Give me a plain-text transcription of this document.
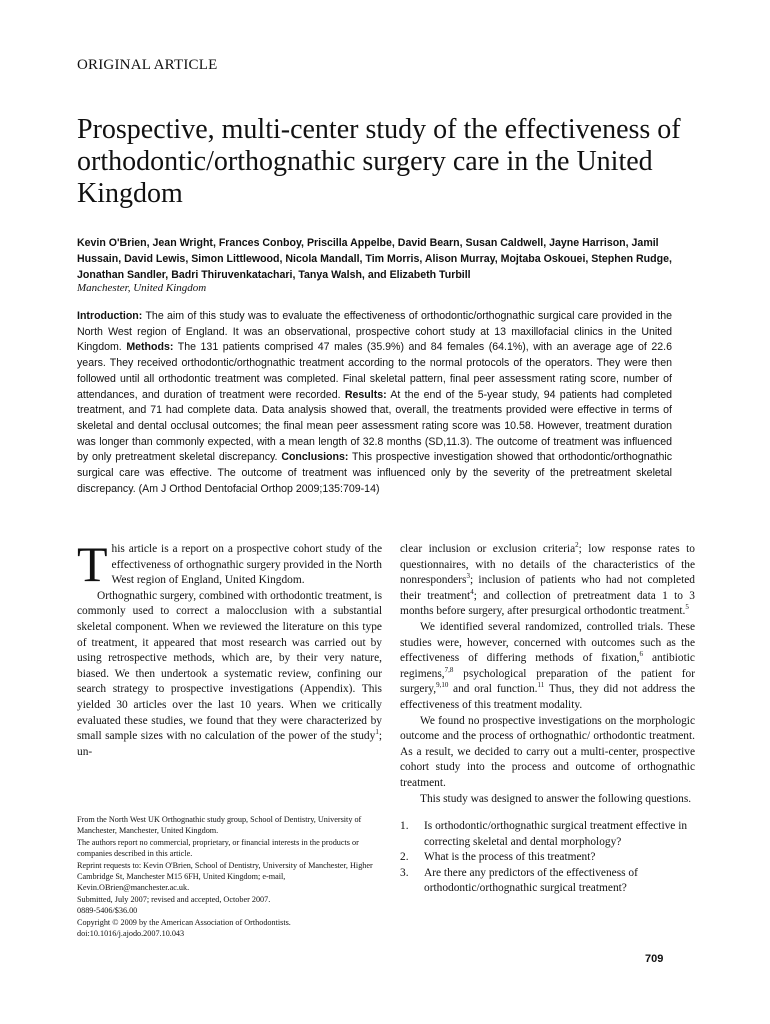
ORIGINAL ARTICLE
Prospective, multi-center study of the effectiveness of orthodontic/orthognathic surgery care in the United Kingdom
Kevin O'Brien, Jean Wright, Frances Conboy, Priscilla Appelbe, David Bearn, Susan Caldwell, Jayne Harrison, Jamil Hussain, David Lewis, Simon Littlewood, Nicola Mandall, Tim Morris, Alison Murray, Mojtaba Oskouei, Stephen Rudge, Jonathan Sandler, Badri Thiruvenkatachari, Tanya Walsh, and Elizabeth Turbill
Manchester, United Kingdom
Introduction: The aim of this study was to evaluate the effectiveness of orthodontic/orthognathic surgical care provided in the North West region of England. It was an observational, prospective cohort study at 13 maxillofacial clinics in the United Kingdom. Methods: The 131 patients comprised 47 males (35.9%) and 84 females (64.1%), with an average age of 22.6 years. They received orthodontic/orthognathic treatment according to the normal protocols of the operators. They were then followed until all orthodontic treatment was completed. Final skeletal pattern, final peer assessment rating score, number of attendances, and duration of treatment were recorded. Results: At the end of the 5-year study, 94 patients had completed treatment, and 71 had complete data. Data analysis showed that, overall, the treatments provided were effective in terms of skeletal and dental occlusal outcomes; the final mean peer assessment rating score was 10.58. However, treatment duration was longer than commonly expected, with a mean length of 32.8 months (SD,11.3). The outcome of treatment was influenced by only pretreatment skeletal discrepancy. Conclusions: This prospective investigation showed that orthodontic/orthognathic surgical care was effective. The outcome of treatment was influenced only by the severity of the pretreatment skeletal discrepancy. (Am J Orthod Dentofacial Orthop 2009;135:709-14)

This article is a report on a prospective cohort study of the effectiveness of orthognathic surgery provided in the North West region of England, United Kingdom.

Orthognathic surgery, combined with orthodontic treatment, is commonly used to correct a malocclusion with a substantial skeletal component. When we reviewed the literature on this type of treatment, it appeared that most research was carried out by using retrospective methods, which are, by their very nature, biased. We then undertook a systematic review, confining our search strategy to prospective investigations (Appendix). This yielded 30 articles over the last 10 years. When we critically evaluated these studies, we found that they were characterized by small sample sizes with no calculation of the power of the study$^1$; un-

From the North West UK Orthognathic study group, School of Dentistry, University of Manchester, Manchester, United Kingdom.
The authors report no commercial, proprietary, or financial interests in the products or companies described in this article.
Reprint requests to: Kevin O'Brien, School of Dentistry, University of Manchester, Higher Cambridge St, Manchester M15 6FH, United Kingdom; e-mail, Kevin.OBrien@manchester.ac.uk.
Submitted, July 2007; revised and accepted, October 2007.
0889-5406/$36.00
Copyright © 2009 by the American Association of Orthodontists.
doi:10.1016/j.ajodo.2007.10.043

clear inclusion or exclusion criteria$^2$; low response rates to questionnaires, with no details of the characteristics of the nonresponders$^3$; inclusion of patients who had not completed their treatment$^4$; and collection of pretreatment data 1 to 3 months before surgery, after presurgical orthodontic treatment.$^5$

We identified several randomized, controlled trials. These studies were, however, concerned with outcomes such as the effectiveness of differing methods of fixation,$^6$ antibiotic regimens,$^{7,8}$ psychological preparation of the patient for surgery,$^{9,10}$ and oral function.$^{11}$ Thus, they did not address the effectiveness of this treatment modality.

We found no prospective investigations on the morphologic outcome and the process of orthognathic/ orthodontic treatment. As a result, we decided to carry out a multi-center, prospective cohort study into the process and outcome of orthognathic treatment.

This study was designed to answer the following questions.

1.	Is orthodontic/orthognathic surgical treatment effective in correcting skeletal and dental morphology?
2.	What is the process of this treatment?
3.	Are there any predictors of the effectiveness of orthodontic/orthognathic surgical treatment?
709
